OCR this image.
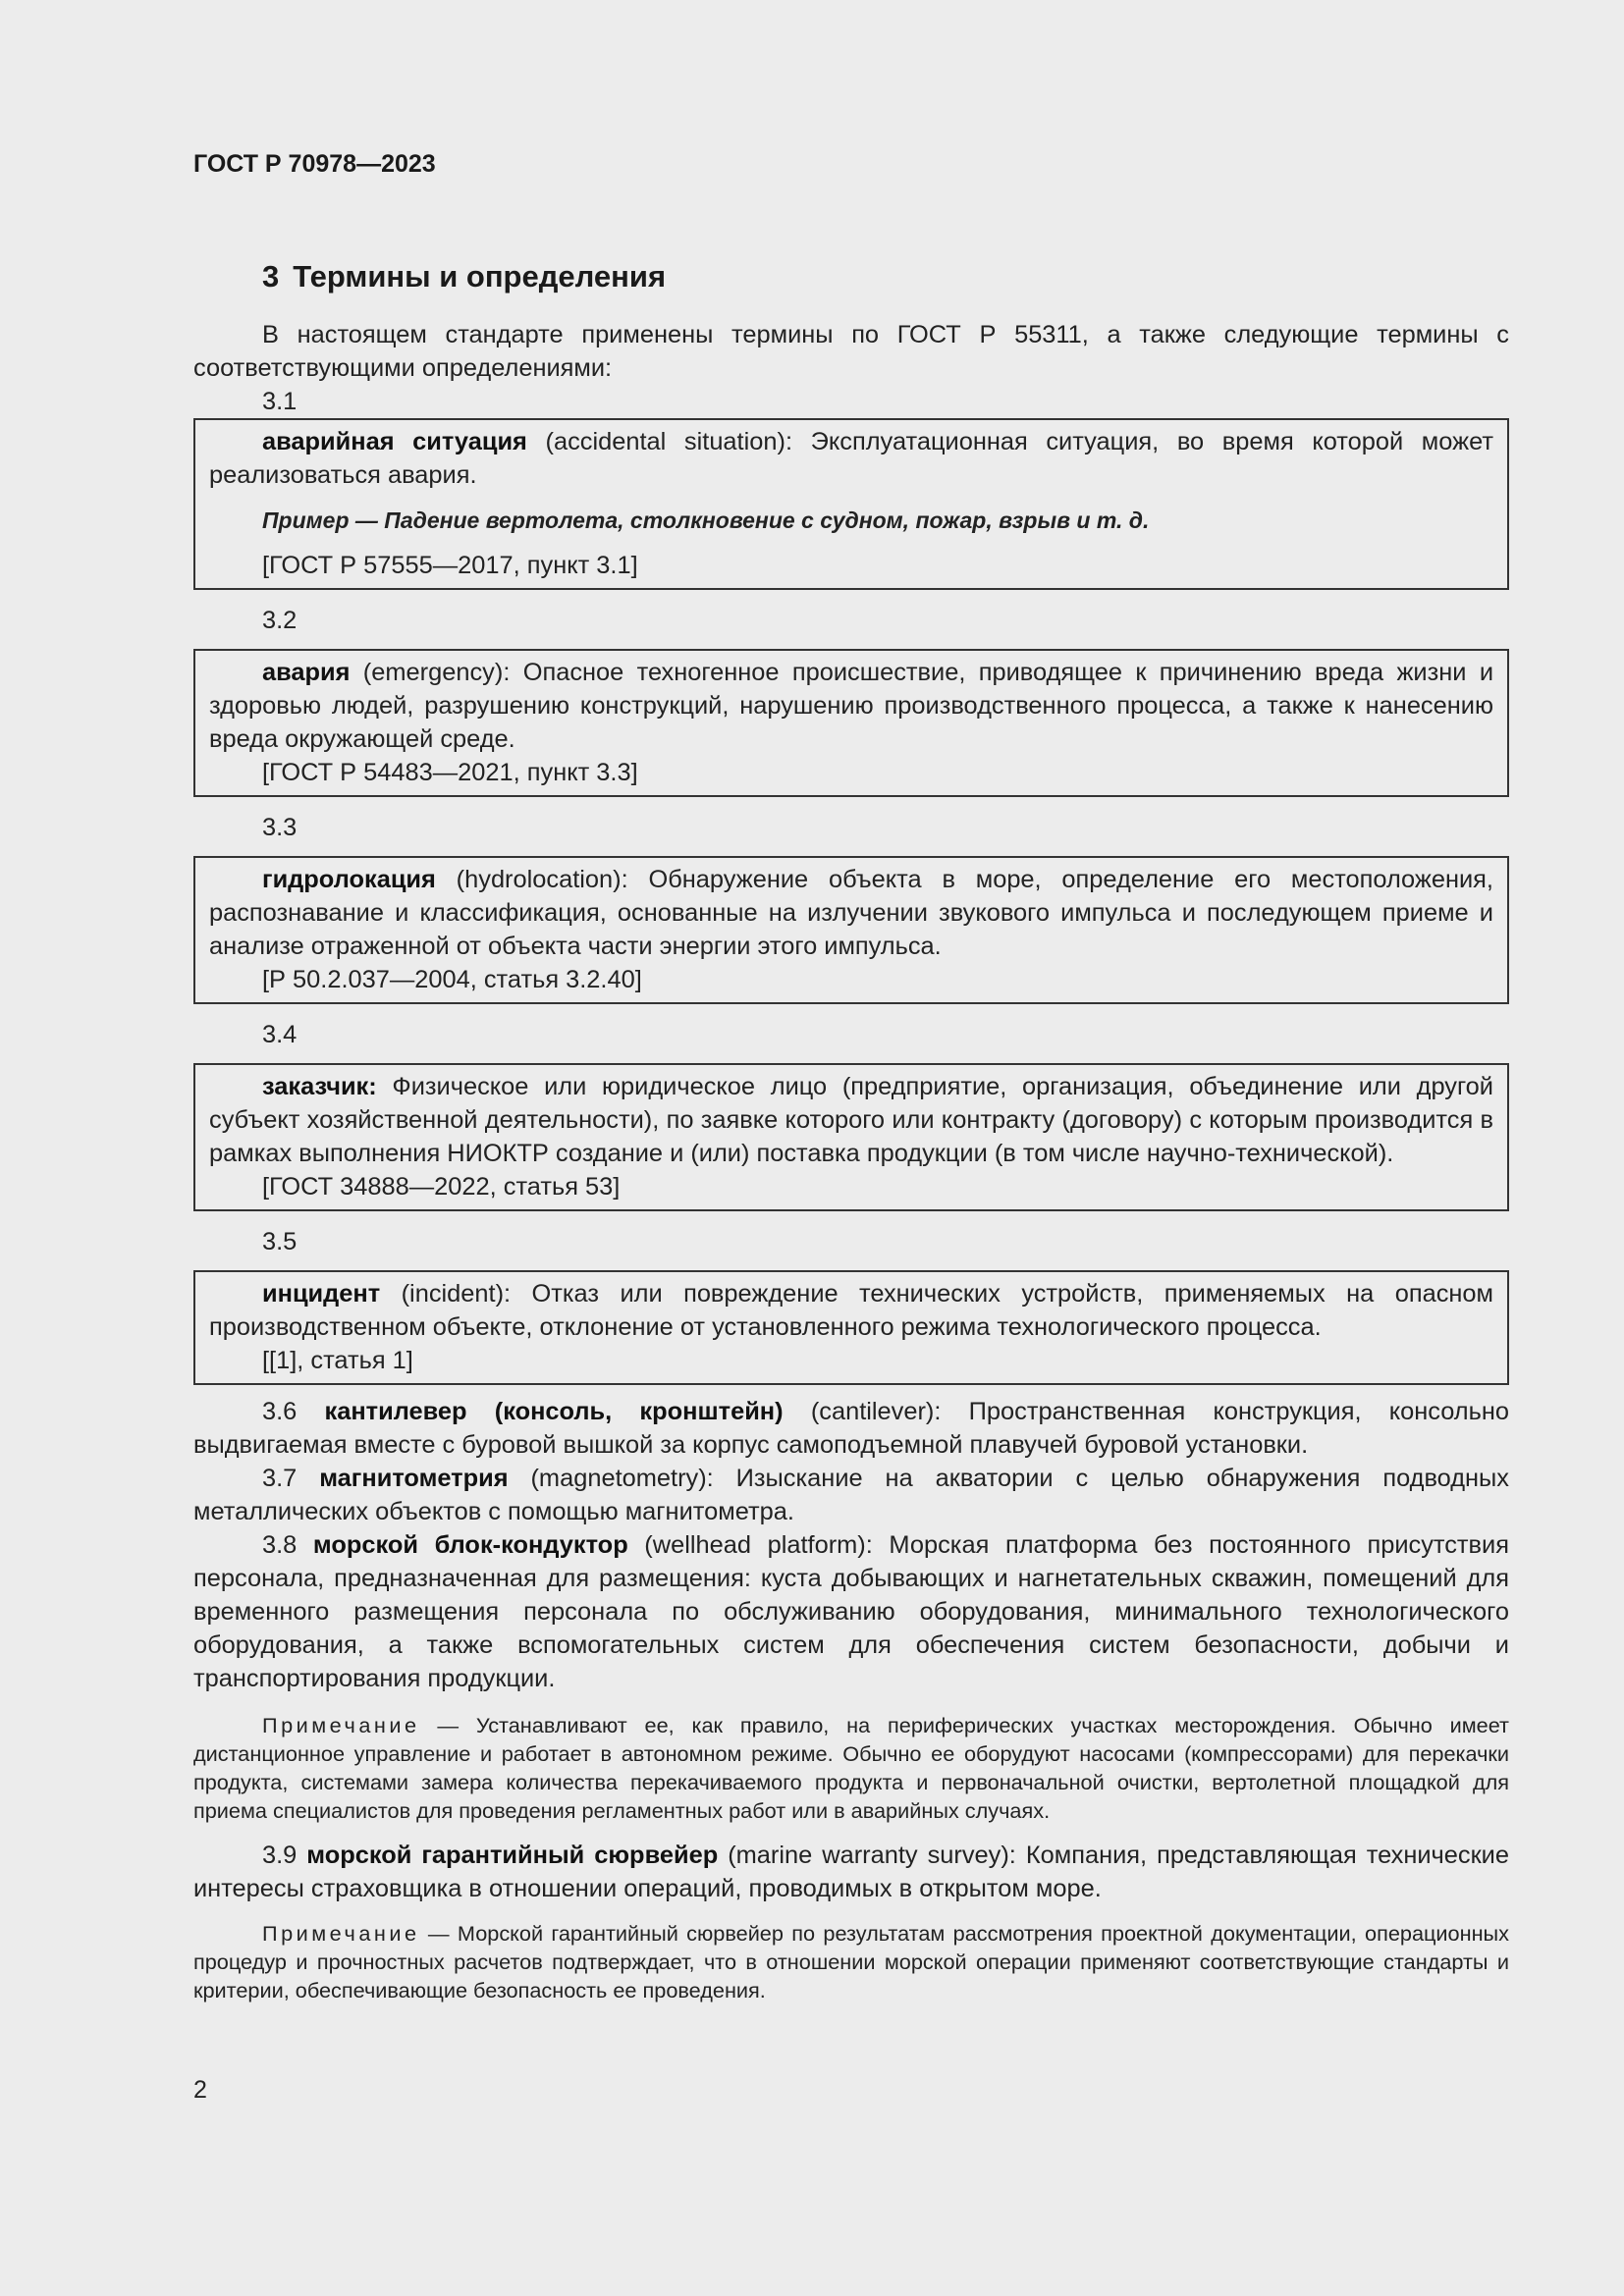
ГОСТ Р 70978—2023
3 Термины и определения

В настоящем стандарте применены термины по ГОСТ Р 55311, а также следующие термины с соответствующими определениями:

3.1

аварийная ситуация (accidental situation): Эксплуатационная ситуация, во время которой может реализоваться авария.

Пример — Падение вертолета, столкновение с судном, пожар, взрыв и т. д.

[ГОСТ Р 57555—2017, пункт 3.1]

3.2

авария (emergency): Опасное техногенное происшествие, приводящее к причинению вреда жизни и здоровью людей, разрушению конструкций, нарушению производственного процесса, а также к нанесению вреда окружающей среде.

[ГОСТ Р 54483—2021, пункт 3.3]

3.3

гидролокация (hydrolocation): Обнаружение объекта в море, определение его местоположения, распознавание и классификация, основанные на излучении звукового импульса и последующем приеме и анализе отраженной от объекта части энергии этого импульса.

[Р 50.2.037—2004, статья 3.2.40]

3.4

заказчик: Физическое или юридическое лицо (предприятие, организация, объединение или другой субъект хозяйственной деятельности), по заявке которого или контракту (договору) с которым производится в рамках выполнения НИОКТР создание и (или) поставка продукции (в том числе научно-технической).

[ГОСТ 34888—2022, статья 53]

3.5

инцидент (incident): Отказ или повреждение технических устройств, применяемых на опасном производственном объекте, отклонение от установленного режима технологического процесса.

[[1], статья 1]

3.6 кантилевер (консоль, кронштейн) (cantilever): Пространственная конструкция, консольно выдвигаемая вместе с буровой вышкой за корпус самоподъемной плавучей буровой установки.

3.7 магнитометрия (magnetometry): Изыскание на акватории с целью обнаружения подводных металлических объектов с помощью магнитометра.

3.8 морской блок-кондуктор (wellhead platform): Морская платформа без постоянного присутствия персонала, предназначенная для размещения: куста добывающих и нагнетательных скважин, помещений для временного размещения персонала по обслуживанию оборудования, минимального технологического оборудования, а также вспомогательных систем для обеспечения систем безопасности, добычи и транспортирования продукции.

Примечание — Устанавливают ее, как правило, на периферических участках месторождения. Обычно имеет дистанционное управление и работает в автономном режиме. Обычно ее оборудуют насосами (компрессорами) для перекачки продукта, системами замера количества перекачиваемого продукта и первоначальной очистки, вертолетной площадкой для приема специалистов для проведения регламентных работ или в аварийных случаях.

3.9 морской гарантийный сюрвейер (marine warranty survey): Компания, представляющая технические интересы страховщика в отношении операций, проводимых в открытом море.

Примечание — Морской гарантийный сюрвейер по результатам рассмотрения проектной документации, операционных процедур и прочностных расчетов подтверждает, что в отношении морской операции применяют соответствующие стандарты и критерии, обеспечивающие безопасность ее проведения.

2
